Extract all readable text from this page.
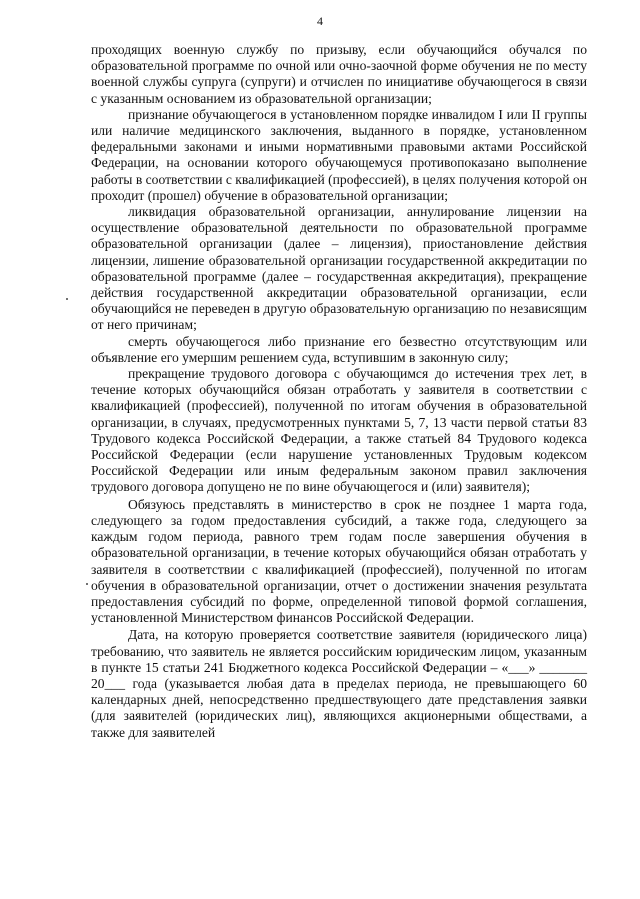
4

проходящих военную службу по призыву, если обучающийся обучался по образовательной программе по очной или очно-заочной форме обучения не по месту военной службы супруга (супруги) и отчислен по инициативе обучающегося в связи с указанным основанием из образовательной организации;

признание обучающегося в установленном порядке инвалидом I или II группы или наличие медицинского заключения, выданного в порядке, установленном федеральными законами и иными нормативными правовыми актами Российской Федерации, на основании которого обучающемуся противопоказано выполнение работы в соответствии с квалификацией (профессией), в целях получения которой он проходит (прошел) обучение в образовательной организации;

ликвидация образовательной организации, аннулирование лицензии на осуществление образовательной деятельности по образовательной программе образовательной организации (далее – лицензия), приостановление действия лицензии, лишение образовательной организации государственной аккредитации по образовательной программе (далее – государственная аккредитация), прекращение действия государственной аккредитации образовательной организации, если обучающийся не переведен в другую образовательную организацию по независящим от него причинам;

смерть обучающегося либо признание его безвестно отсутствующим или объявление его умершим решением суда, вступившим в законную силу;

прекращение трудового договора с обучающимся до истечения трех лет, в течение которых обучающийся обязан отработать у заявителя в соответствии с квалификацией (профессией), полученной по итогам обучения в образовательной организации, в случаях, предусмотренных пунктами 5, 7, 13 части первой статьи 83 Трудового кодекса Российской Федерации, а также статьей 84 Трудового кодекса Российской Федерации (если нарушение установленных Трудовым кодексом Российской Федерации или иным федеральным законом правил заключения трудового договора допущено не по вине обучающегося и (или) заявителя);

Обязуюсь представлять в министерство в срок не позднее 1 марта года, следующего за годом предоставления субсидий, а также года, следующего за каждым годом периода, равного трем годам после завершения обучения в образовательной организации, в течение которых обучающийся обязан отработать у заявителя в соответствии с квалификацией (профессией), полученной по итогам обучения в образовательной организации, отчет о достижении значения результата предоставления субсидий по форме, определенной типовой формой соглашения, установленной Министерством финансов Российской Федерации.

Дата, на которую проверяется соответствие заявителя (юридического лица) требованию, что заявитель не является российским юридическим лицом, указанным в пункте 15 статьи 241 Бюджетного кодекса Российской Федерации – «___» _______ 20___ года (указывается любая дата в пределах периода, не превышающего 60 календарных дней, непосредственно предшествующего дате представления заявки (для заявителей (юридических лиц), являющихся акционерными обществами, а также для заявителей
